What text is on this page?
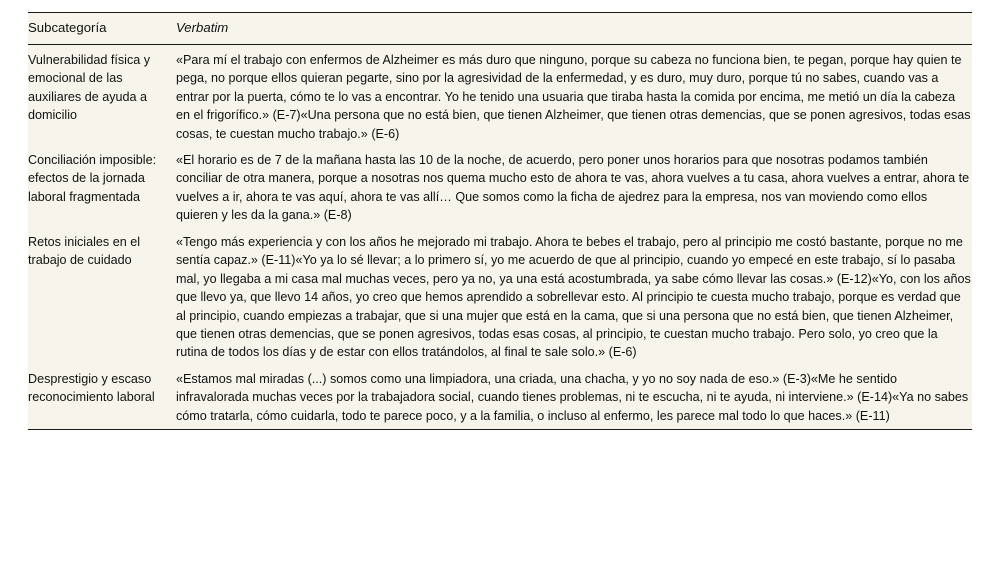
Subcategoría	Verbatim

Vulnerabilidad física y emocional de las auxiliares de ayuda a domicilio	«Para mí el trabajo con enfermos de Alzheimer es más duro que ninguno, porque su cabeza no funciona bien, te pegan, porque hay quien te pega, no porque ellos quieran pegarte, sino por la agresividad de la enfermedad, y es duro, muy duro, porque tú no sabes, cuando vas a entrar por la puerta, cómo te lo vas a encontrar. Yo he tenido una usuaria que tiraba hasta la comida por encima, me metió un día la cabeza en el frigorífico.» (E-7)«Una persona que no está bien, que tienen Alzheimer, que tienen otras demencias, que se ponen agresivos, todas esas cosas, te cuestan mucho trabajo.» (E-6)

Conciliación imposible: efectos de la jornada laboral fragmentada	«El horario es de 7 de la mañana hasta las 10 de la noche, de acuerdo, pero poner unos horarios para que nosotras podamos también conciliar de otra manera, porque a nosotras nos quema mucho esto de ahora te vas, ahora vuelves a tu casa, ahora vuelves a entrar, ahora te vuelves a ir, ahora te vas aquí, ahora te vas allí… Que somos como la ficha de ajedrez para la empresa, nos van moviendo como ellos quieren y les da la gana.» (E-8)

Retos iniciales en el trabajo de cuidado	«Tengo más experiencia y con los años he mejorado mi trabajo. Ahora te bebes el trabajo, pero al principio me costó bastante, porque no me sentía capaz.» (E-11)«Yo ya lo sé llevar; a lo primero sí, yo me acuerdo de que al principio, cuando yo empecé en este trabajo, sí lo pasaba mal, yo llegaba a mi casa mal muchas veces, pero ya no, ya una está acostumbrada, ya sabe cómo llevar las cosas.» (E-12)«Yo, con los años que llevo ya, que llevo 14 años, yo creo que hemos aprendido a sobrellevar esto. Al principio te cuesta mucho trabajo, porque es verdad que al principio, cuando empiezas a trabajar, que si una mujer que está en la cama, que si una persona que no está bien, que tienen Alzheimer, que tienen otras demencias, que se ponen agresivos, todas esas cosas, al principio, te cuestan mucho trabajo. Pero solo, yo creo que la rutina de todos los días y de estar con ellos tratándolos, al final te sale solo.» (E-6)

Desprestigio y escaso reconocimiento laboral	«Estamos mal miradas (...) somos como una limpiadora, una criada, una chacha, y yo no soy nada de eso.» (E-3)«Me he sentido infravalorada muchas veces por la trabajadora social, cuando tienes problemas, ni te escucha, ni te ayuda, ni interviene.» (E-14)«Ya no sabes cómo tratarla, cómo cuidarla, todo te parece poco, y a la familia, o incluso al enfermo, les parece mal todo lo que haces.» (E-11)
